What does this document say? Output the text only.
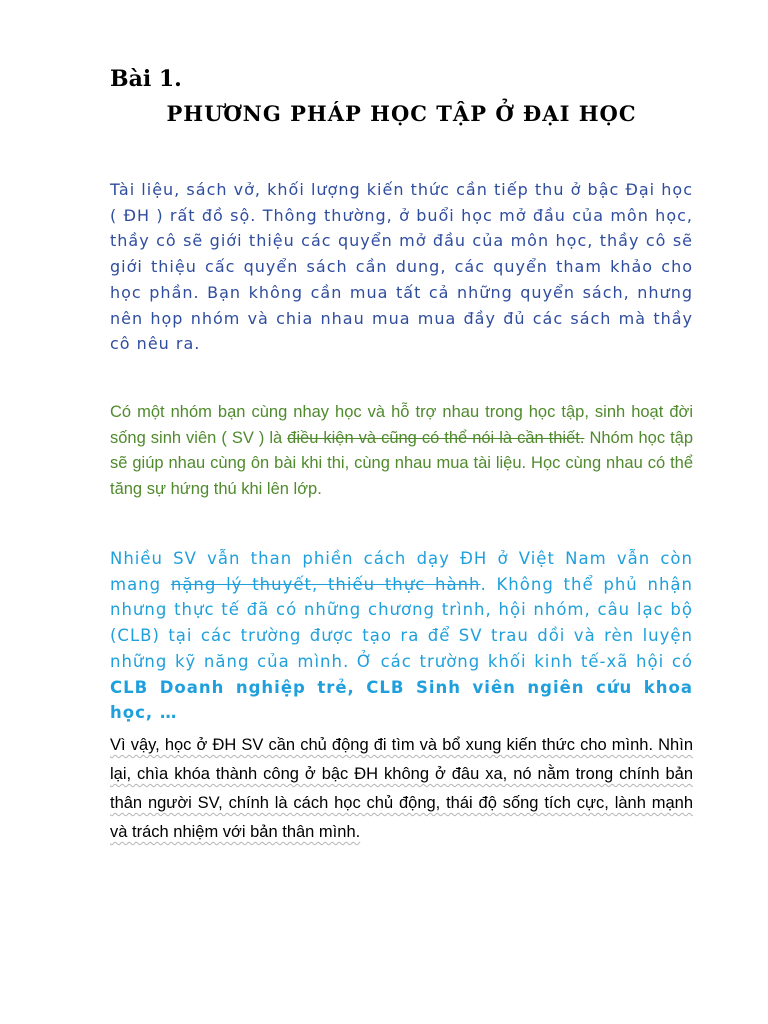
Bài 1.
PHƯƠNG PHÁP HỌC TẬP Ở ĐẠI HỌC

Tài liệu, sách vở, khối lượng kiến thức cần tiếp thu ở bậc Đại học ( ĐH ) rất đồ sộ. Thông thường, ở buổi học mở đầu của môn học, thầy cô sẽ giới thiệu các quyển mở đầu của môn học, thầy cô sẽ giới thiệu cấc quyển sách cần dung, các quyển tham khảo cho học phần. Bạn không cần mua tất cả những quyển sách, nhưng nên họp nhóm và chia nhau mua mua đầy đủ các sách mà thầy cô nêu ra.

Có một nhóm bạn cùng nhay học và hỗ trợ nhau trong học tập, sinh hoạt đời sống sinh viên ( SV ) là điều kiện và cũng có thể nói là cần thiết. Nhóm học tập sẽ giúp nhau cùng ôn bài khi thi, cùng nhau mua tài liệu. Học cùng nhau có thể tăng sự hứng thú khi lên lớp.

Nhiều SV vẫn than phiền cách dạy ĐH ở Việt Nam vẫn còn mang nặng lý thuyết, thiếu thực hành. Không thể phủ nhận nhưng thực tế đã có những chương trình, hội nhóm, câu lạc bộ (CLB) tại các trường được tạo ra để SV trau dồi và rèn luyện những kỹ năng của mình. Ở các trường khối kinh tế-xã hội có CLB Doanh nghiệp trẻ, CLB Sinh viên ngiên cứu khoa học, …

Vì vậy, học ở ĐH SV cần chủ động đi tìm và bổ xung kiến thức cho mình. Nhìn lại, chìa khóa thành công ở bậc ĐH không ở đâu xa, nó nằm trong chính bản thân người SV, chính là cách học chủ động, thái độ sống tích cực, lành mạnh và trách nhiệm với bản thân mình.
